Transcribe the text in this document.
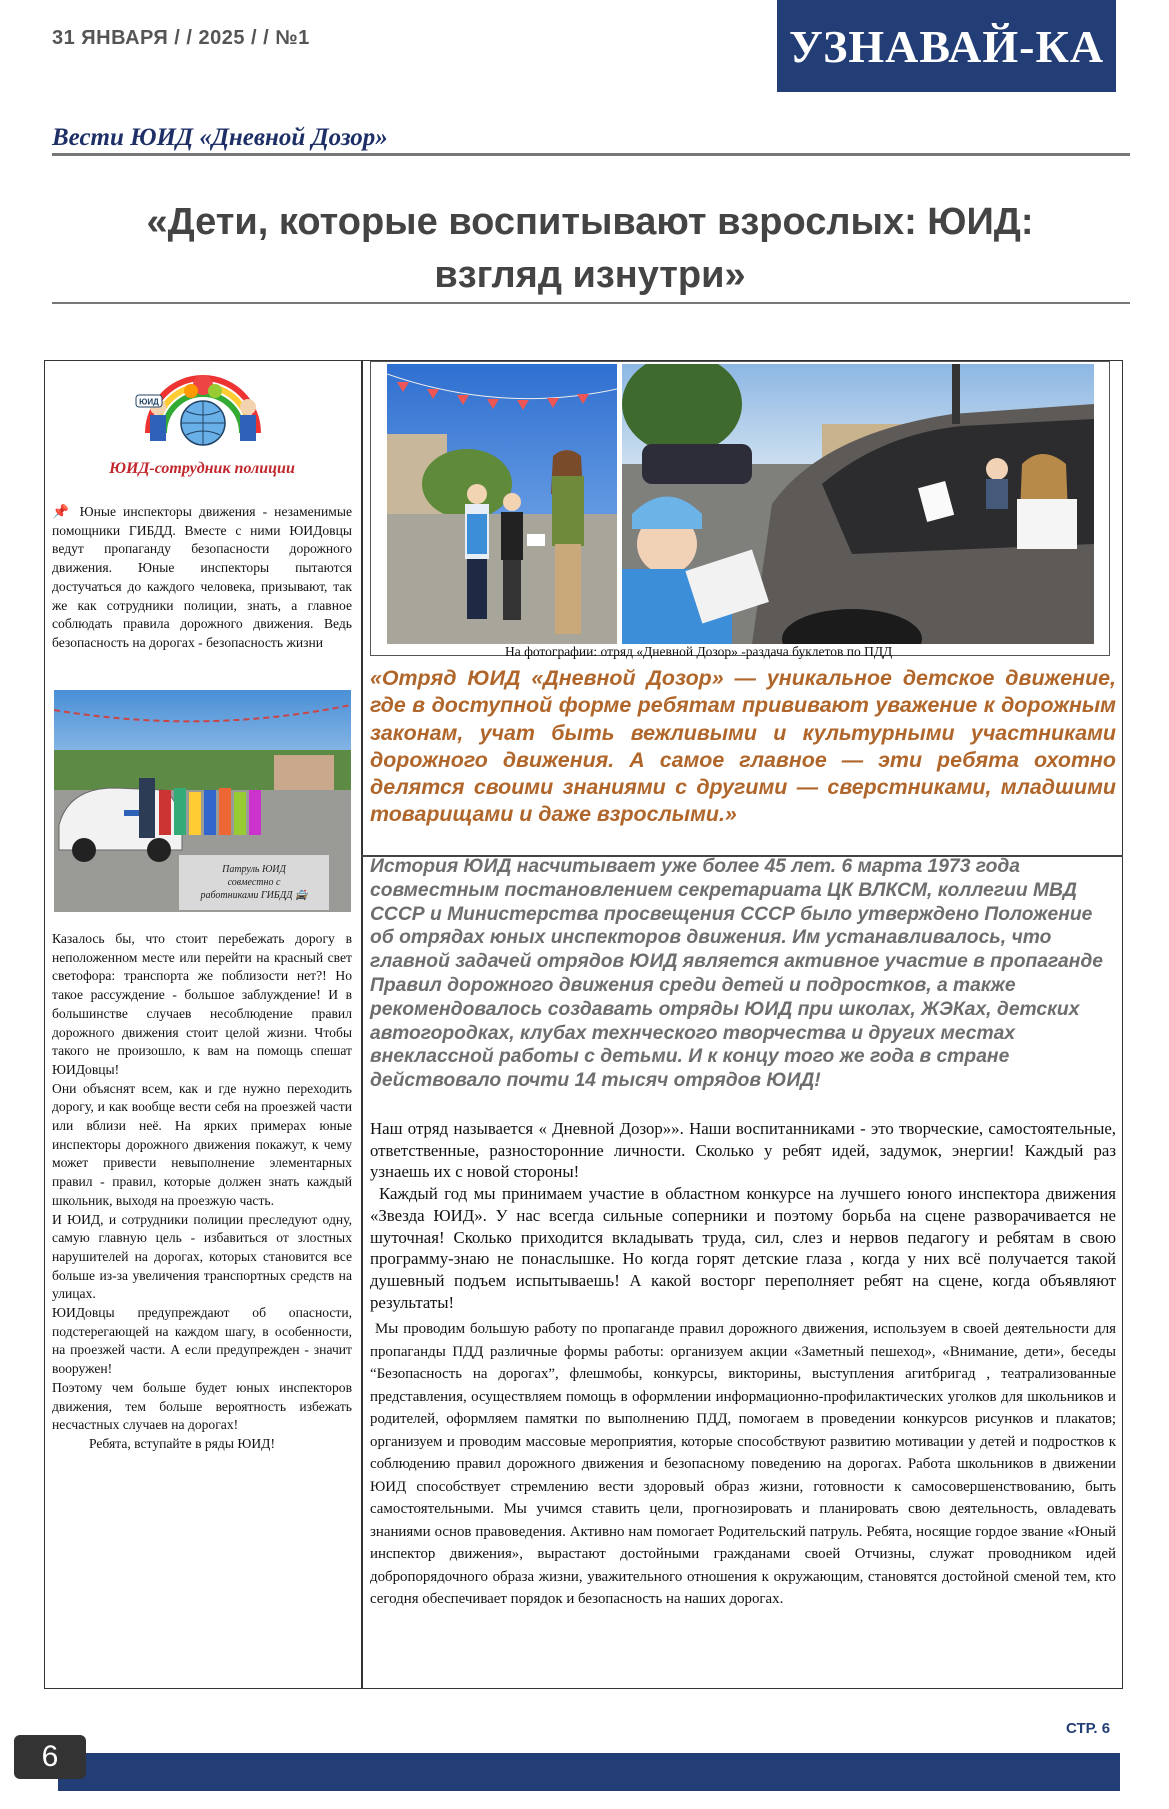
31 ЯНВАРЯ / / 2025 / / №1	УЗНАВАЙ-КА
Вести ЮИД «Дневной Дозор»
«Дети, которые воспитывают взрослых: ЮИД: взгляд изнутри»
ЮИД
ЮИД-сотрудник полиции

📌 Юные инспекторы движения - незаменимые помощники ГИБДД. Вместе с ними ЮИДовцы ведут пропаганду безопасности дорожного движения. Юные инспекторы пытаются достучаться до каждого человека, призывают, так же как сотрудники полиции, знать, а главное соблюдать правила дорожного движения. Ведь безопасность на дорогах - безопасность жизни

Патруль ЮИД
совместно с
работниками ГИБДД 🚔

Казалось бы, что стоит перебежать дорогу в неположенном месте или перейти на красный свет светофора: транспорта же поблизости нет?! Но такое рассуждение - большое заблуждение! И в большинстве случаев несоблюдение правил дорожного движения стоит целой жизни. Чтобы такого не произошло, к вам на помощь спешат ЮИДовцы!

Они объяснят всем, как и где нужно переходить дорогу, и как вообще вести себя на проезжей части или вблизи неё. На ярких примерах юные инспекторы дорожного движения покажут, к чему может привести невыполнение элементарных правил - правил, которые должен знать каждый школьник, выходя на проезжую часть.

И ЮИД, и сотрудники полиции преследуют одну, самую главную цель - избавиться от злостных нарушителей на дорогах, которых становится все больше из-за увеличения транспортных средств на улицах.

ЮИДовцы предупреждают об опасности, подстерегающей на каждом шагу, в особенности, на проезжей части. А если предупрежден - значит вооружен!

Поэтому чем больше будет юных инспекторов движения, тем больше вероятность избежать несчастных случаев на дорогах!

Ребята, вступайте в ряды ЮИД!

На фотографии: отряд «Дневной Дозор» -раздача буклетов по ПДД
«Отряд ЮИД «Дневной Дозор» — уникальное детское движение, где в доступной форме ребятам прививают уважение к дорожным законам, учат быть вежливыми и культурными участниками дорожного движения. А самое главное — эти ребята охотно делятся своими знаниями с другими — сверстниками, младшими товарищами и даже взрослыми.»
История ЮИД насчитывает уже более 45 лет. 6 марта 1973 года совместным постановлением секретариата ЦК ВЛКСМ, коллегии МВД СССР и Министерства просвещения СССР было утверждено Положение об отрядах юных инспекторов движения. Им устанавливалось, что главной задачей отрядов ЮИД является активное участие в пропаганде Правил дорожного движения среди детей и подростков, а также рекомендовалось создавать отряды ЮИД при школах, ЖЭКах, детских автогородках, клубах технческого творчества и других местах внеклассной работы с детьми. И к концу того же года в стране действовало почти 14 тысяч отрядов ЮИД!

Наш отряд называется « Дневной Дозор»». Наши воспитанниками - это творческие, самостоятельные, ответственные, разносторонние личности. Сколько у ребят идей, задумок, энергии! Каждый раз узнаешь их с новой стороны!

Каждый год мы принимаем участие в областном конкурсе на лучшего юного инспектора движения «Звезда ЮИД». У нас всегда сильные соперники и поэтому борьба на сцене разворачивается не шуточная! Сколько приходится вкладывать труда, сил, слез и нервов педагогу и ребятам в свою программу-знаю не понаслышке. Но когда горят детские глаза , когда у них всё получается такой душевный подъем испытываешь! А какой восторг переполняет ребят на сцене, когда объявляют результаты!

Мы проводим большую работу по пропаганде правил дорожного движения, используем в своей деятельности для пропаганды ПДД различные формы работы: организуем акции «Заметный пешеход», «Внимание, дети», беседы “Безопасность на дорогах”, флешмобы, конкурсы, викторины, выступления агитбригад , театрализованные представления, осуществляем помощь в оформлении информационно-профилактических уголков для школьников и родителей, оформляем памятки по выполнению ПДД, помогаем в проведении конкурсов рисунков и плакатов; организуем и проводим массовые мероприятия, которые способствуют развитию мотивации у детей и подростков к соблюдению правил дорожного движения и безопасному поведению на дорогах. Работа школьников в движении ЮИД способствует стремлению вести здоровый образ жизни, готовности к самосовершенствованию, быть самостоятельными. Мы учимся ставить цели, прогнозировать и планировать свою деятельность, овладевать знаниями основ правоведения. Активно нам помогает Родительский патруль. Ребята, носящие гордое звание «Юный инспектор движения», вырастают достойными гражданами своей Отчизны, служат проводником идей добропорядочного образа жизни, уважительного отношения к окружающим, становятся достойной сменой тем, кто сегодня обеспечивает порядок и безопасность на наших дорогах.

СТР. 6
6
